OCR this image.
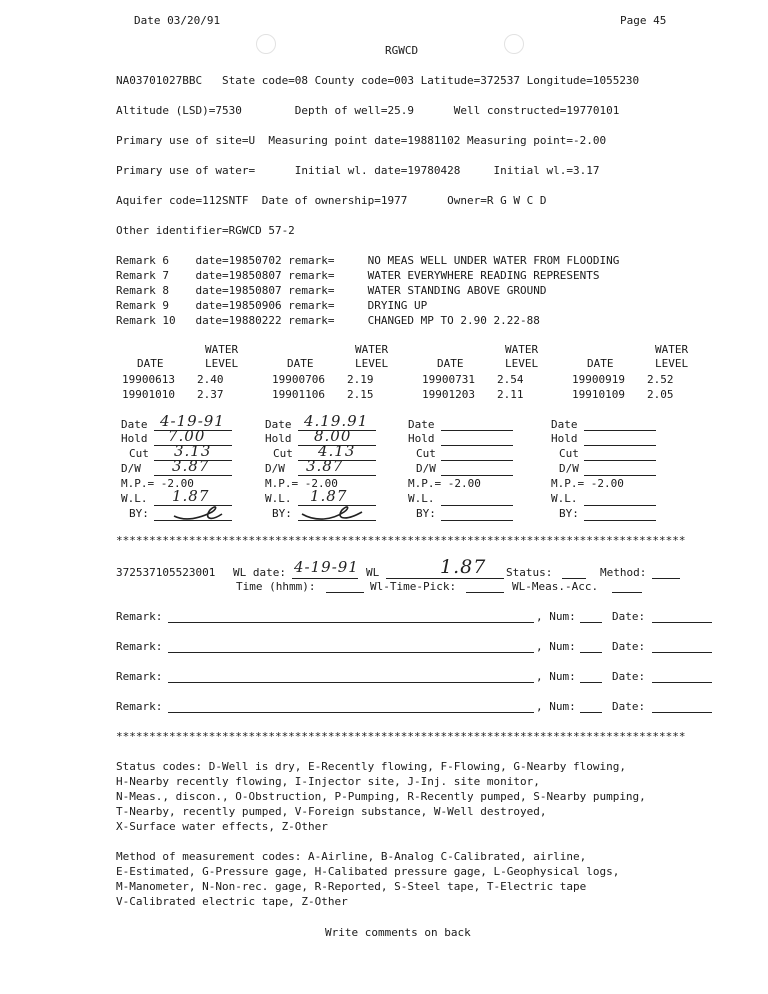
Date 03/20/91	Page 45
RGWCD
NA03701027BBC   State code=08 County code=003 Latitude=372537 Longitude=1055230
Altitude (LSD)=7530        Depth of well=25.9      Well constructed=19770101
Primary use of site=U  Measuring point date=19881102 Measuring point=-2.00
Primary use of water=      Initial wl. date=19780428     Initial wl.=3.17
Aquifer code=112SNTF  Date of ownership=1977      Owner=R G W C D
Other identifier=RGWCD 57-2
Remark 6    date=19850702 remark=     NO MEAS WELL UNDER WATER FROM FLOODING
Remark 7    date=19850807 remark=     WATER EVERYWHERE READING REPRESENTS
Remark 8    date=19850807 remark=     WATER STANDING ABOVE GROUND
Remark 9    date=19850906 remark=     DRYING UP
Remark 10   date=19880222 remark=     CHANGED MP TO 2.90 2.22-88
WATER	WATER	WATER	WATER
DATE	LEVEL	DATE	LEVEL	DATE	LEVEL	DATE	LEVEL
19900613 2.40	19900706 2.19	19900731 2.54	19900919 2.52
19901010 2.37	19901106 2.15	19901203 2.11	19910109 2.05
Date 4-19-91
Hold 7.00
Cut 3.13
D/W 3.87
M.P.= -2.00
W.L. 1.87
BY:
Date 4.19.91
Hold 8.00
Cut 4.13
D/W 3.87
M.P.= -2.00
W.L. 1.87
BY:
Date
Hold
Cut
D/W
M.P.= -2.00
W.L.
BY:
Date
Hold
Cut
D/W
M.P.= -2.00
W.L.
BY:
**************************************************************************************
372537105523001 WL date: 4-19-91 WL	1.87 Status:	Method:
Time (hhmm):	Wl-Time-Pick:	WL-Meas.-Acc.
Remark:	, Num:	Date:
Remark:	, Num:	Date:
Remark:	, Num:	Date:
Remark:	, Num:	Date:
**************************************************************************************
Status codes: D-Well is dry, E-Recently flowing, F-Flowing, G-Nearby flowing,
H-Nearby recently flowing, I-Injector site, J-Inj. site monitor,
N-Meas., discon., O-Obstruction, P-Pumping, R-Recently pumped, S-Nearby pumping,
T-Nearby, recently pumped, V-Foreign substance, W-Well destroyed,
X-Surface water effects, Z-Other
Method of measurement codes: A-Airline, B-Analog C-Calibrated, airline,
E-Estimated, G-Pressure gage, H-Calibated pressure gage, L-Geophysical logs,
M-Manometer, N-Non-rec. gage, R-Reported, S-Steel tape, T-Electric tape
V-Calibrated electric tape, Z-Other
Write comments on back
